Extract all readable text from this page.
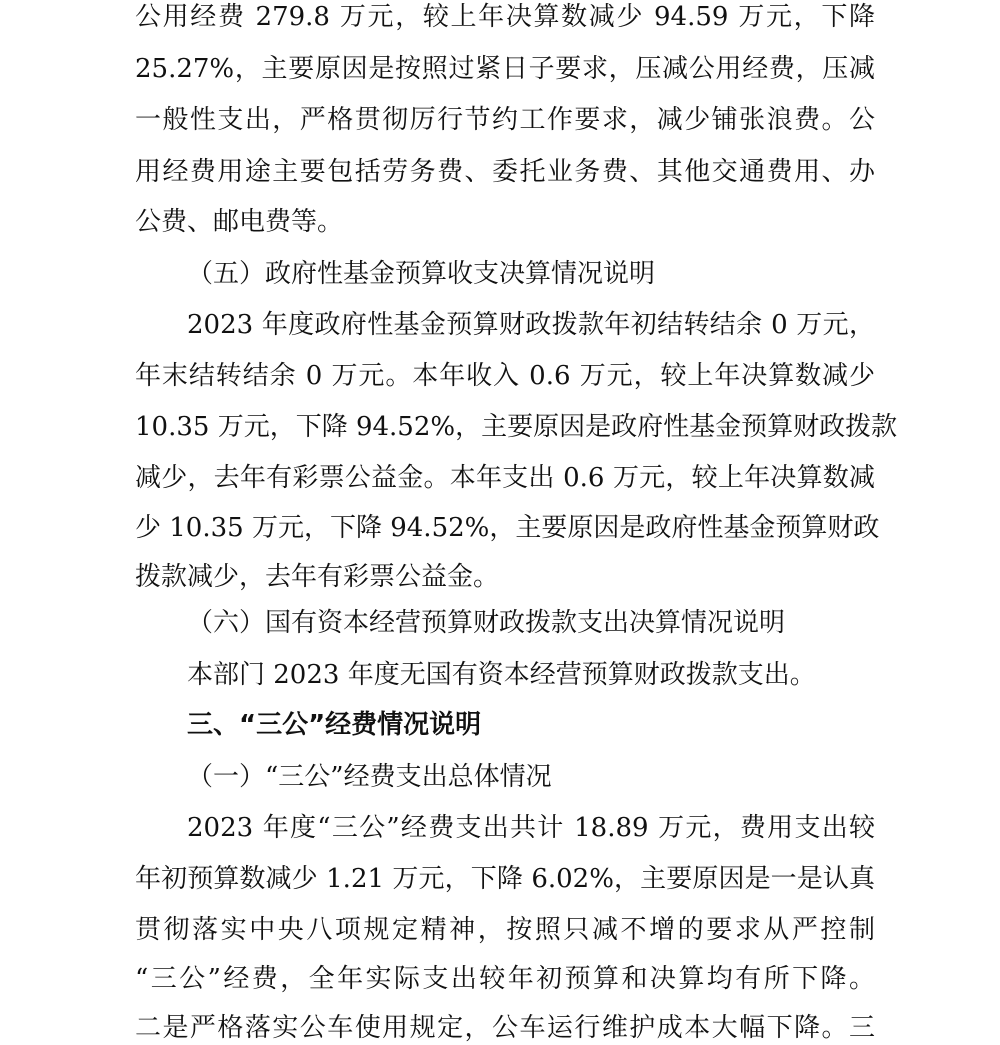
公用经费 279.8 万元，较上年决算数减少 94.59 万元，下降
25.27%，主要原因是按照过紧日子要求，压减公用经费，压减
一般性支出，严格贯彻厉行节约工作要求，减少铺张浪费。公
用经费用途主要包括劳务费、委托业务费、其他交通费用、办
公费、邮电费等。
（五）政府性基金预算收支决算情况说明
2023 年度政府性基金预算财政拨款年初结转结余 0 万元，
年末结转结余 0 万元。本年收入 0.6 万元，较上年决算数减少
10.35 万元，下降 94.52%，主要原因是政府性基金预算财政拨款
减少，去年有彩票公益金。本年支出 0.6 万元，较上年决算数减
少 10.35 万元，下降 94.52%，主要原因是政府性基金预算财政
拨款减少，去年有彩票公益金。
（六）国有资本经营预算财政拨款支出决算情况说明
本部门 2023 年度无国有资本经营预算财政拨款支出。
三、“三公”经费情况说明
（一）“三公”经费支出总体情况
2023 年度“三公”经费支出共计 18.89 万元，费用支出较
年初预算数减少 1.21 万元，下降 6.02%，主要原因是一是认真
贯彻落实中央八项规定精神，按照只减不增的要求从严控制
“三公”经费，全年实际支出较年初预算和决算均有所下降。
二是严格落实公车使用规定，公车运行维护成本大幅下降。三
